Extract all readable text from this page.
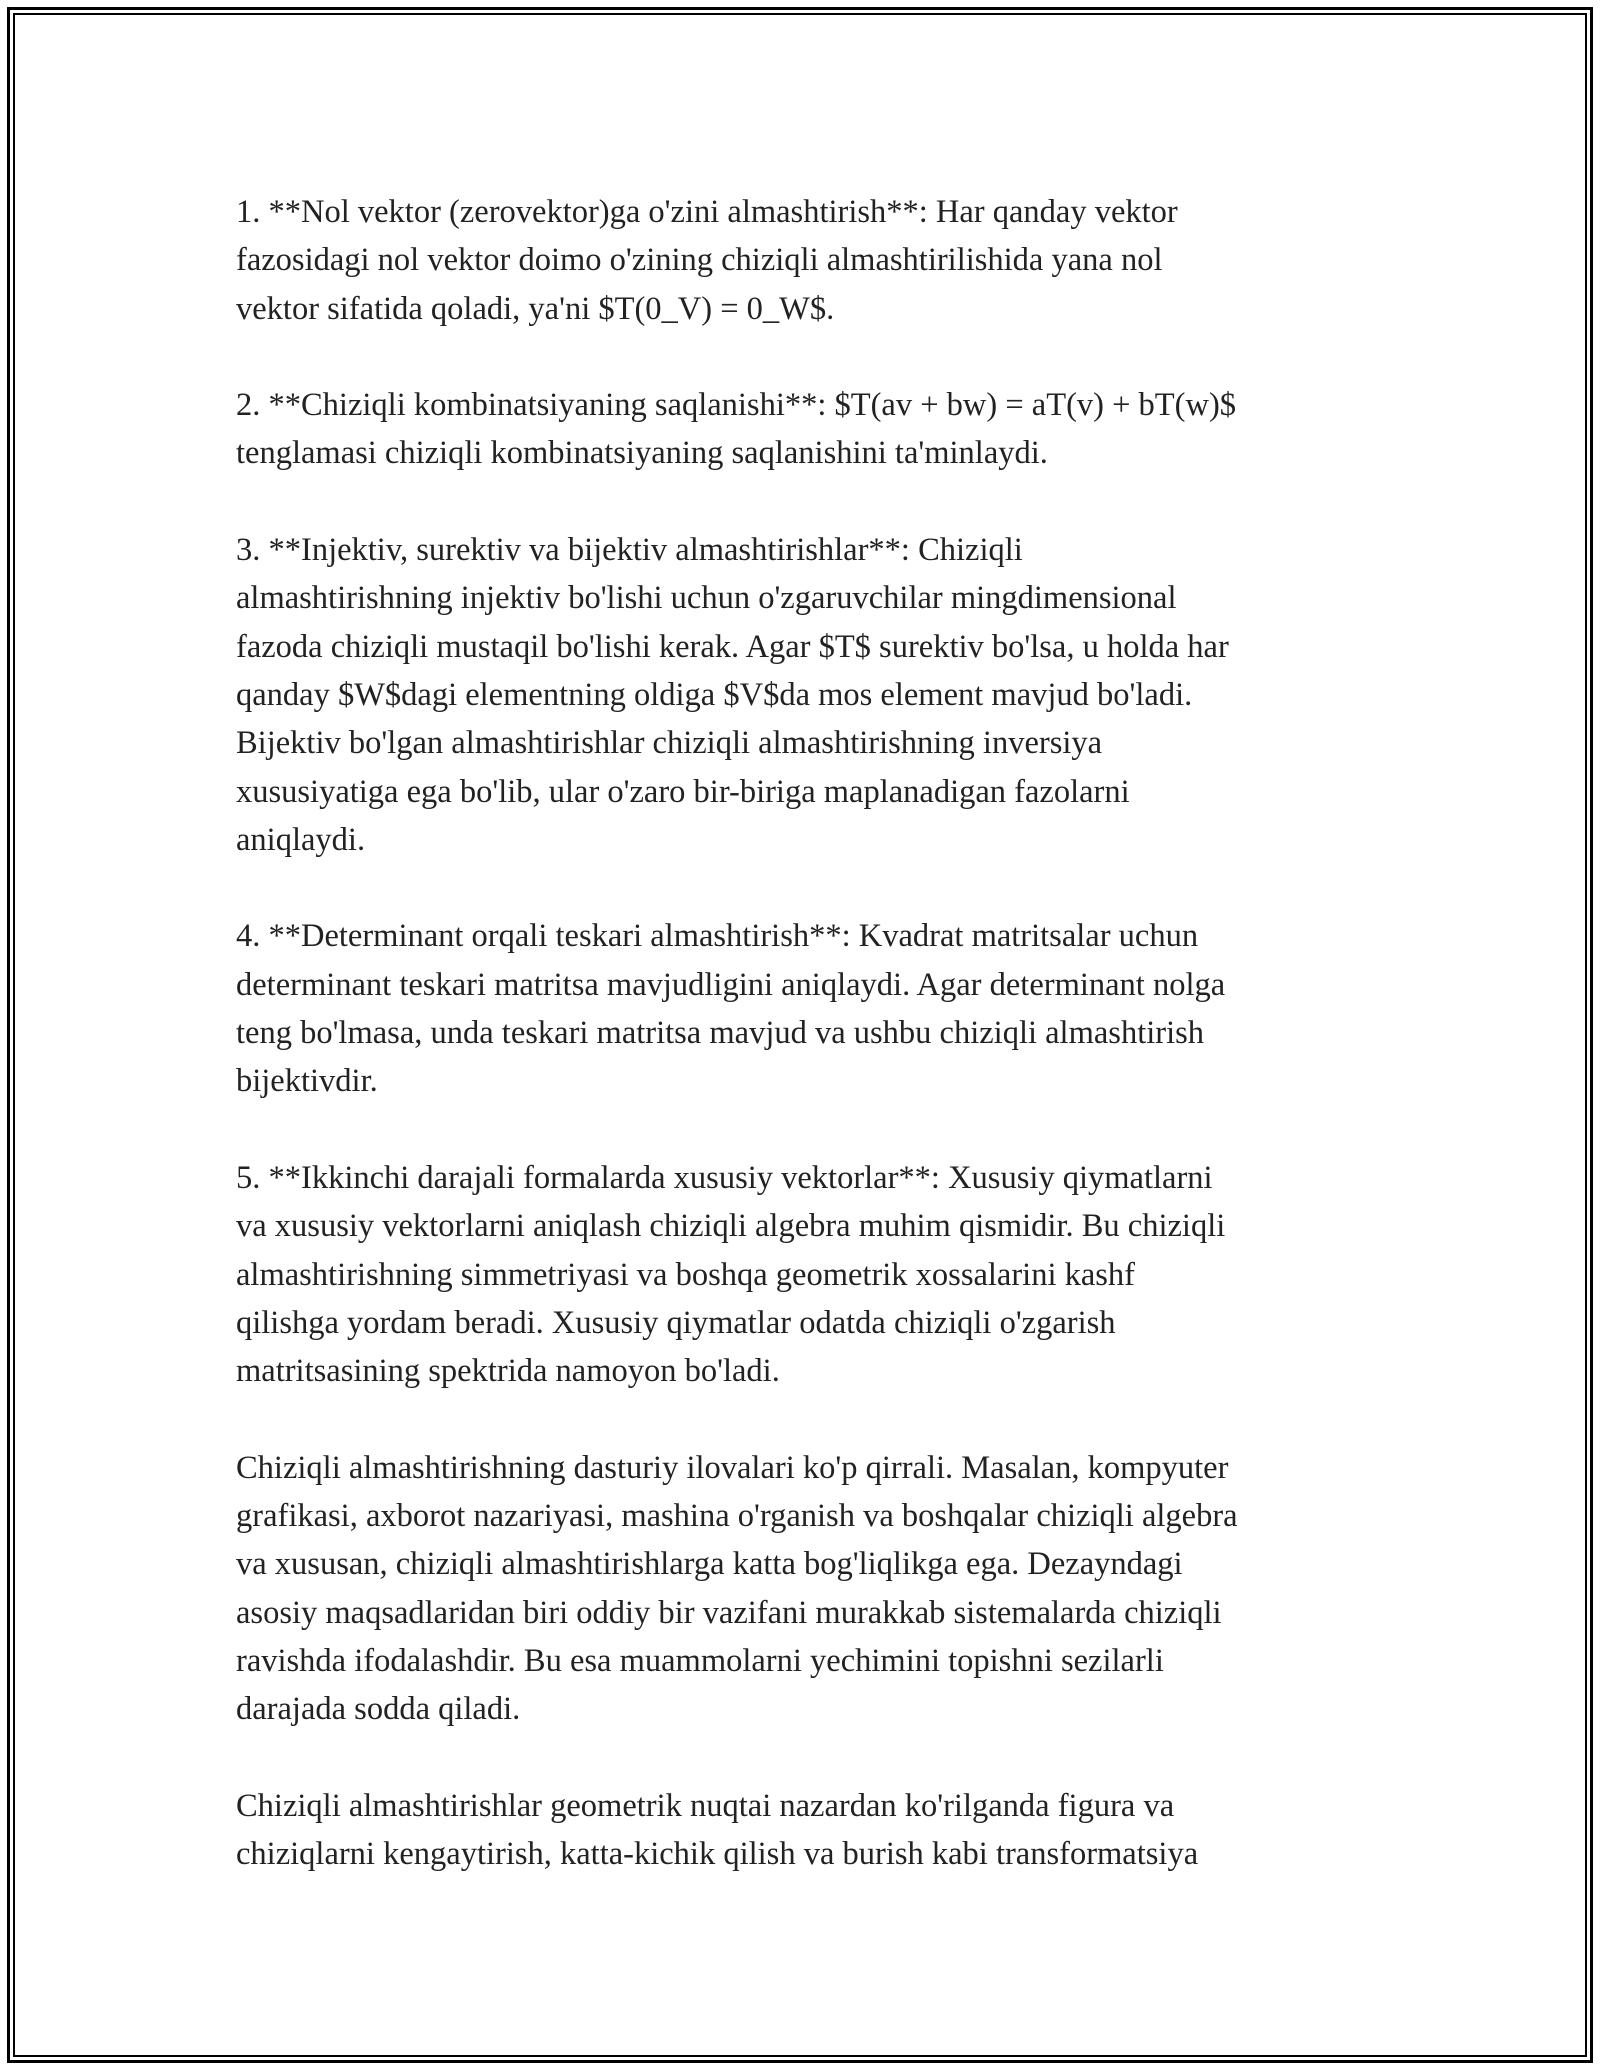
1. **Nol vektor (zerovektor)ga o'zini almashtirish**: Har qanday vektor
fazosidagi nol vektor doimo o'zining chiziqli almashtirilishida yana nol
vektor sifatida qoladi, ya'ni $T(0_V) = 0_W$.

2. **Chiziqli kombinatsiyaning saqlanishi**: $T(av + bw) = aT(v) + bT(w)$
tenglamasi chiziqli kombinatsiyaning saqlanishini ta'minlaydi.

3. **Injektiv, surektiv va bijektiv almashtirishlar**: Chiziqli
almashtirishning injektiv bo'lishi uchun o'zgaruvchilar mingdimensional
fazoda chiziqli mustaqil bo'lishi kerak. Agar $T$ surektiv bo'lsa, u holda har
qanday $W$dagi elementning oldiga $V$da mos element mavjud bo'ladi.
Bijektiv bo'lgan almashtirishlar chiziqli almashtirishning inversiya
xususiyatiga ega bo'lib, ular o'zaro bir-biriga maplanadigan fazolarni
aniqlaydi.

4. **Determinant orqali teskari almashtirish**: Kvadrat matritsalar uchun
determinant teskari matritsa mavjudligini aniqlaydi. Agar determinant nolga
teng bo'lmasa, unda teskari matritsa mavjud va ushbu chiziqli almashtirish
bijektivdir.

5. **Ikkinchi darajali formalarda xususiy vektorlar**: Xususiy qiymatlarni
va xususiy vektorlarni aniqlash chiziqli algebra muhim qismidir. Bu chiziqli
almashtirishning simmetriyasi va boshqa geometrik xossalarini kashf
qilishga yordam beradi. Xususiy qiymatlar odatda chiziqli o'zgarish
matritsasining spektrida namoyon bo'ladi.

Chiziqli almashtirishning dasturiy ilovalari ko'p qirrali. Masalan, kompyuter
grafikasi, axborot nazariyasi, mashina o'rganish va boshqalar chiziqli algebra
va xususan, chiziqli almashtirishlarga katta bog'liqlikga ega. Dezayndagi
asosiy maqsadlaridan biri oddiy bir vazifani murakkab sistemalarda chiziqli
ravishda ifodalashdir. Bu esa muammolarni yechimini topishni sezilarli
darajada sodda qiladi.

Chiziqli almashtirishlar geometrik nuqtai nazardan ko'rilganda figura va
chiziqlarni kengaytirish, katta-kichik qilish va burish kabi transformatsiya
